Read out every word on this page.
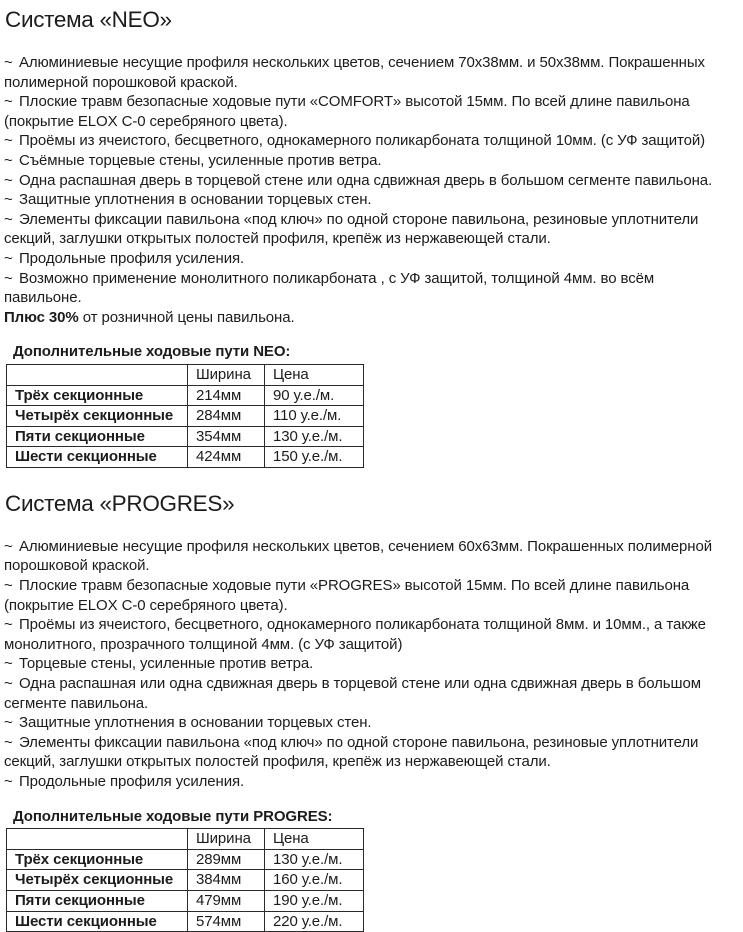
Система «NEO»

~ Алюминиевые несущие профиля нескольких цветов, сечением 70х38мм. и 50х38мм. Покрашенных полимерной порошковой краской.

~ Плоские травм безопасные ходовые пути «COMFORT» высотой 15мм. По всей длине павильона (покрытие ELOX C-0 серебряного цвета).

~ Проёмы из ячеистого, бесцветного, однокамерного поликарбоната толщиной 10мм. (с УФ защитой)

~ Съёмные торцевые стены, усиленные против ветра.

~ Одна распашная дверь в торцевой стене или одна сдвижная дверь в большом сегменте павильона.

~ Защитные уплотнения в основании торцевых стен.

~ Элементы фиксации павильона «под ключ» по одной стороне павильона, резиновые уплотнители секций, заглушки открытых полостей профиля, крепёж из нержавеющей стали.

~ Продольные профиля усиления.

~ Возможно применение монолитного поликарбоната , с УФ защитой, толщиной 4мм. во всём павильоне.

Плюс 30% от розничной цены павильона.

Дополнительные ходовые пути NEO:

	Ширина	Цена
Трёх секционные	214мм	90 у.е./м.
Четырёх секционные	284мм	110 у.е./м.
Пяти секционные	354мм	130 у.е./м.
Шести секционные	424мм	150 у.е./м.
Система «PROGRES»

~ Алюминиевые несущие профиля нескольких цветов, сечением 60х63мм. Покрашенных полимерной порошковой краской.

~ Плоские травм безопасные ходовые пути «PROGRES» высотой 15мм. По всей длине павильона (покрытие ELOX C-0 серебряного цвета).

~ Проёмы из ячеистого, бесцветного, однокамерного поликарбоната толщиной 8мм. и 10мм., а также монолитного, прозрачного толщиной 4мм. (с УФ защитой)

~ Торцевые стены, усиленные против ветра.

~ Одна распашная или одна сдвижная дверь в торцевой стене или одна сдвижная дверь в большом сегменте павильона.

~ Защитные уплотнения в основании торцевых стен.

~ Элементы фиксации павильона «под ключ» по одной стороне павильона, резиновые уплотнители секций, заглушки открытых полостей профиля, крепёж из нержавеющей стали.

~ Продольные профиля усиления.

Дополнительные ходовые пути PROGRES:

	Ширина	Цена
Трёх секционные	289мм	130 у.е./м.
Четырёх секционные	384мм	160 у.е./м.
Пяти секционные	479мм	190 у.е./м.
Шести секционные	574мм	220 у.е./м.
